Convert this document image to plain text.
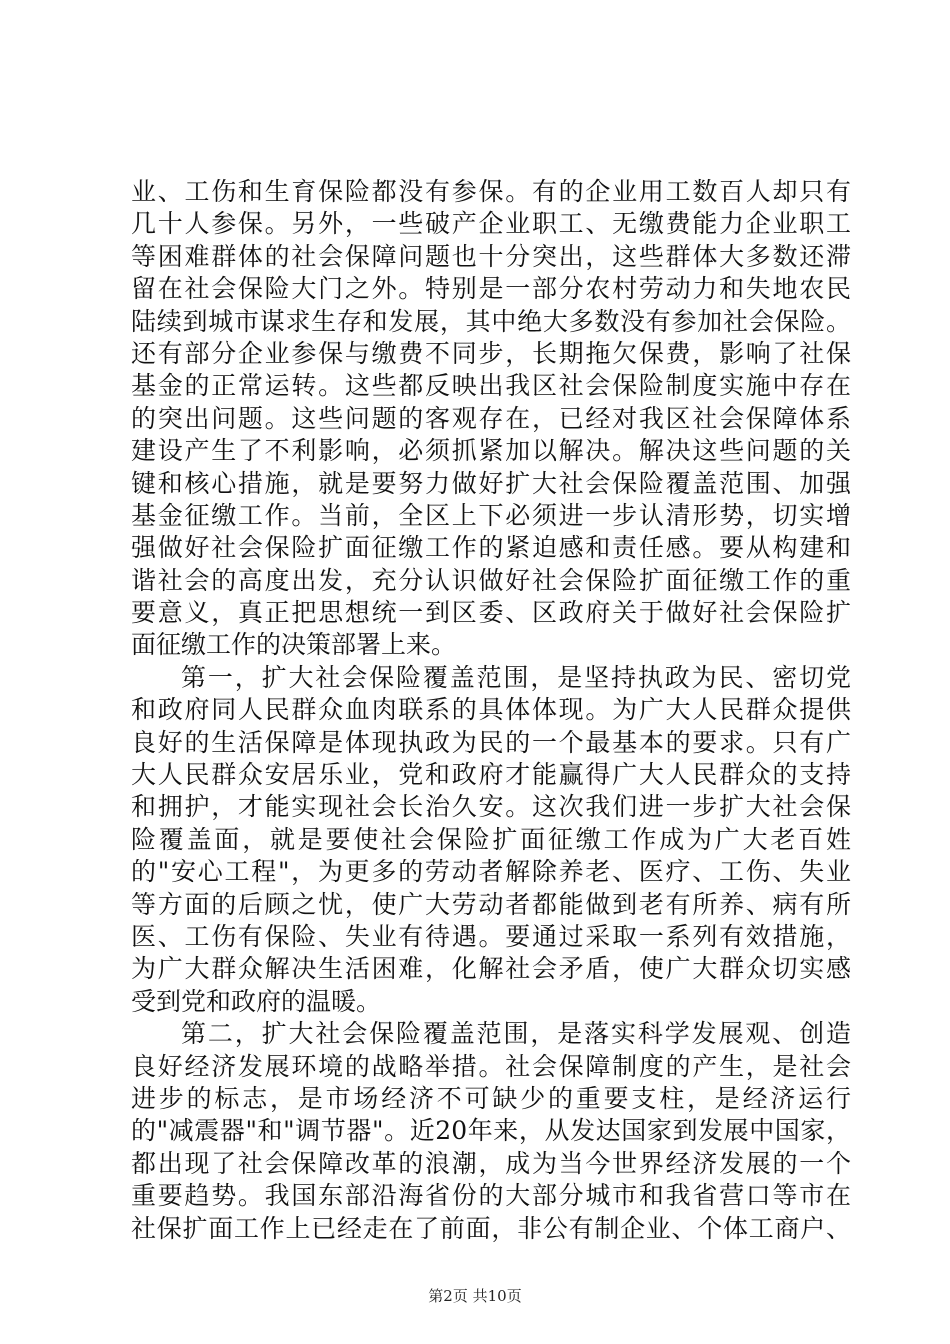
业、工伤和生育保险都没有参保。有的企业用工数百人却只有
几十人参保。另外，一些破产企业职工、无缴费能力企业职工
等困难群体的社会保障问题也十分突出，这些群体大多数还滞
留在社会保险大门之外。特别是一部分农村劳动力和失地农民
陆续到城市谋求生存和发展，其中绝大多数没有参加社会保险。
还有部分企业参保与缴费不同步，长期拖欠保费，影响了社保
基金的正常运转。这些都反映出我区社会保险制度实施中存在
的突出问题。这些问题的客观存在，已经对我区社会保障体系
建设产生了不利影响，必须抓紧加以解决。解决这些问题的关
键和核心措施，就是要努力做好扩大社会保险覆盖范围、加强
基金征缴工作。当前，全区上下必须进一步认清形势，切实增
强做好社会保险扩面征缴工作的紧迫感和责任感。要从构建和
谐社会的高度出发，充分认识做好社会保险扩面征缴工作的重
要意义，真正把思想统一到区委、区政府关于做好社会保险扩
面征缴工作的决策部署上来。
第一，扩大社会保险覆盖范围，是坚持执政为民、密切党
和政府同人民群众血肉联系的具体体现。为广大人民群众提供
良好的生活保障是体现执政为民的一个最基本的要求。只有广
大人民群众安居乐业，党和政府才能赢得广大人民群众的支持
和拥护，才能实现社会长治久安。这次我们进一步扩大社会保
险覆盖面，就是要使社会保险扩面征缴工作成为广大老百姓
的"安心工程"，为更多的劳动者解除养老、医疗、工伤、失业
等方面的后顾之忧，使广大劳动者都能做到老有所养、病有所
医、工伤有保险、失业有待遇。要通过采取一系列有效措施，
为广大群众解决生活困难，化解社会矛盾，使广大群众切实感
受到党和政府的温暖。
第二，扩大社会保险覆盖范围，是落实科学发展观、创造
良好经济发展环境的战略举措。社会保障制度的产生，是社会
进步的标志，是市场经济不可缺少的重要支柱，是经济运行
的"减震器"和"调节器"。近20年来，从发达国家到发展中国家，
都出现了社会保障改革的浪潮，成为当今世界经济发展的一个
重要趋势。我国东部沿海省份的大部分城市和我省营口等市在
社保扩面工作上已经走在了前面，非公有制企业、个体工商户、
第2页 共10页
